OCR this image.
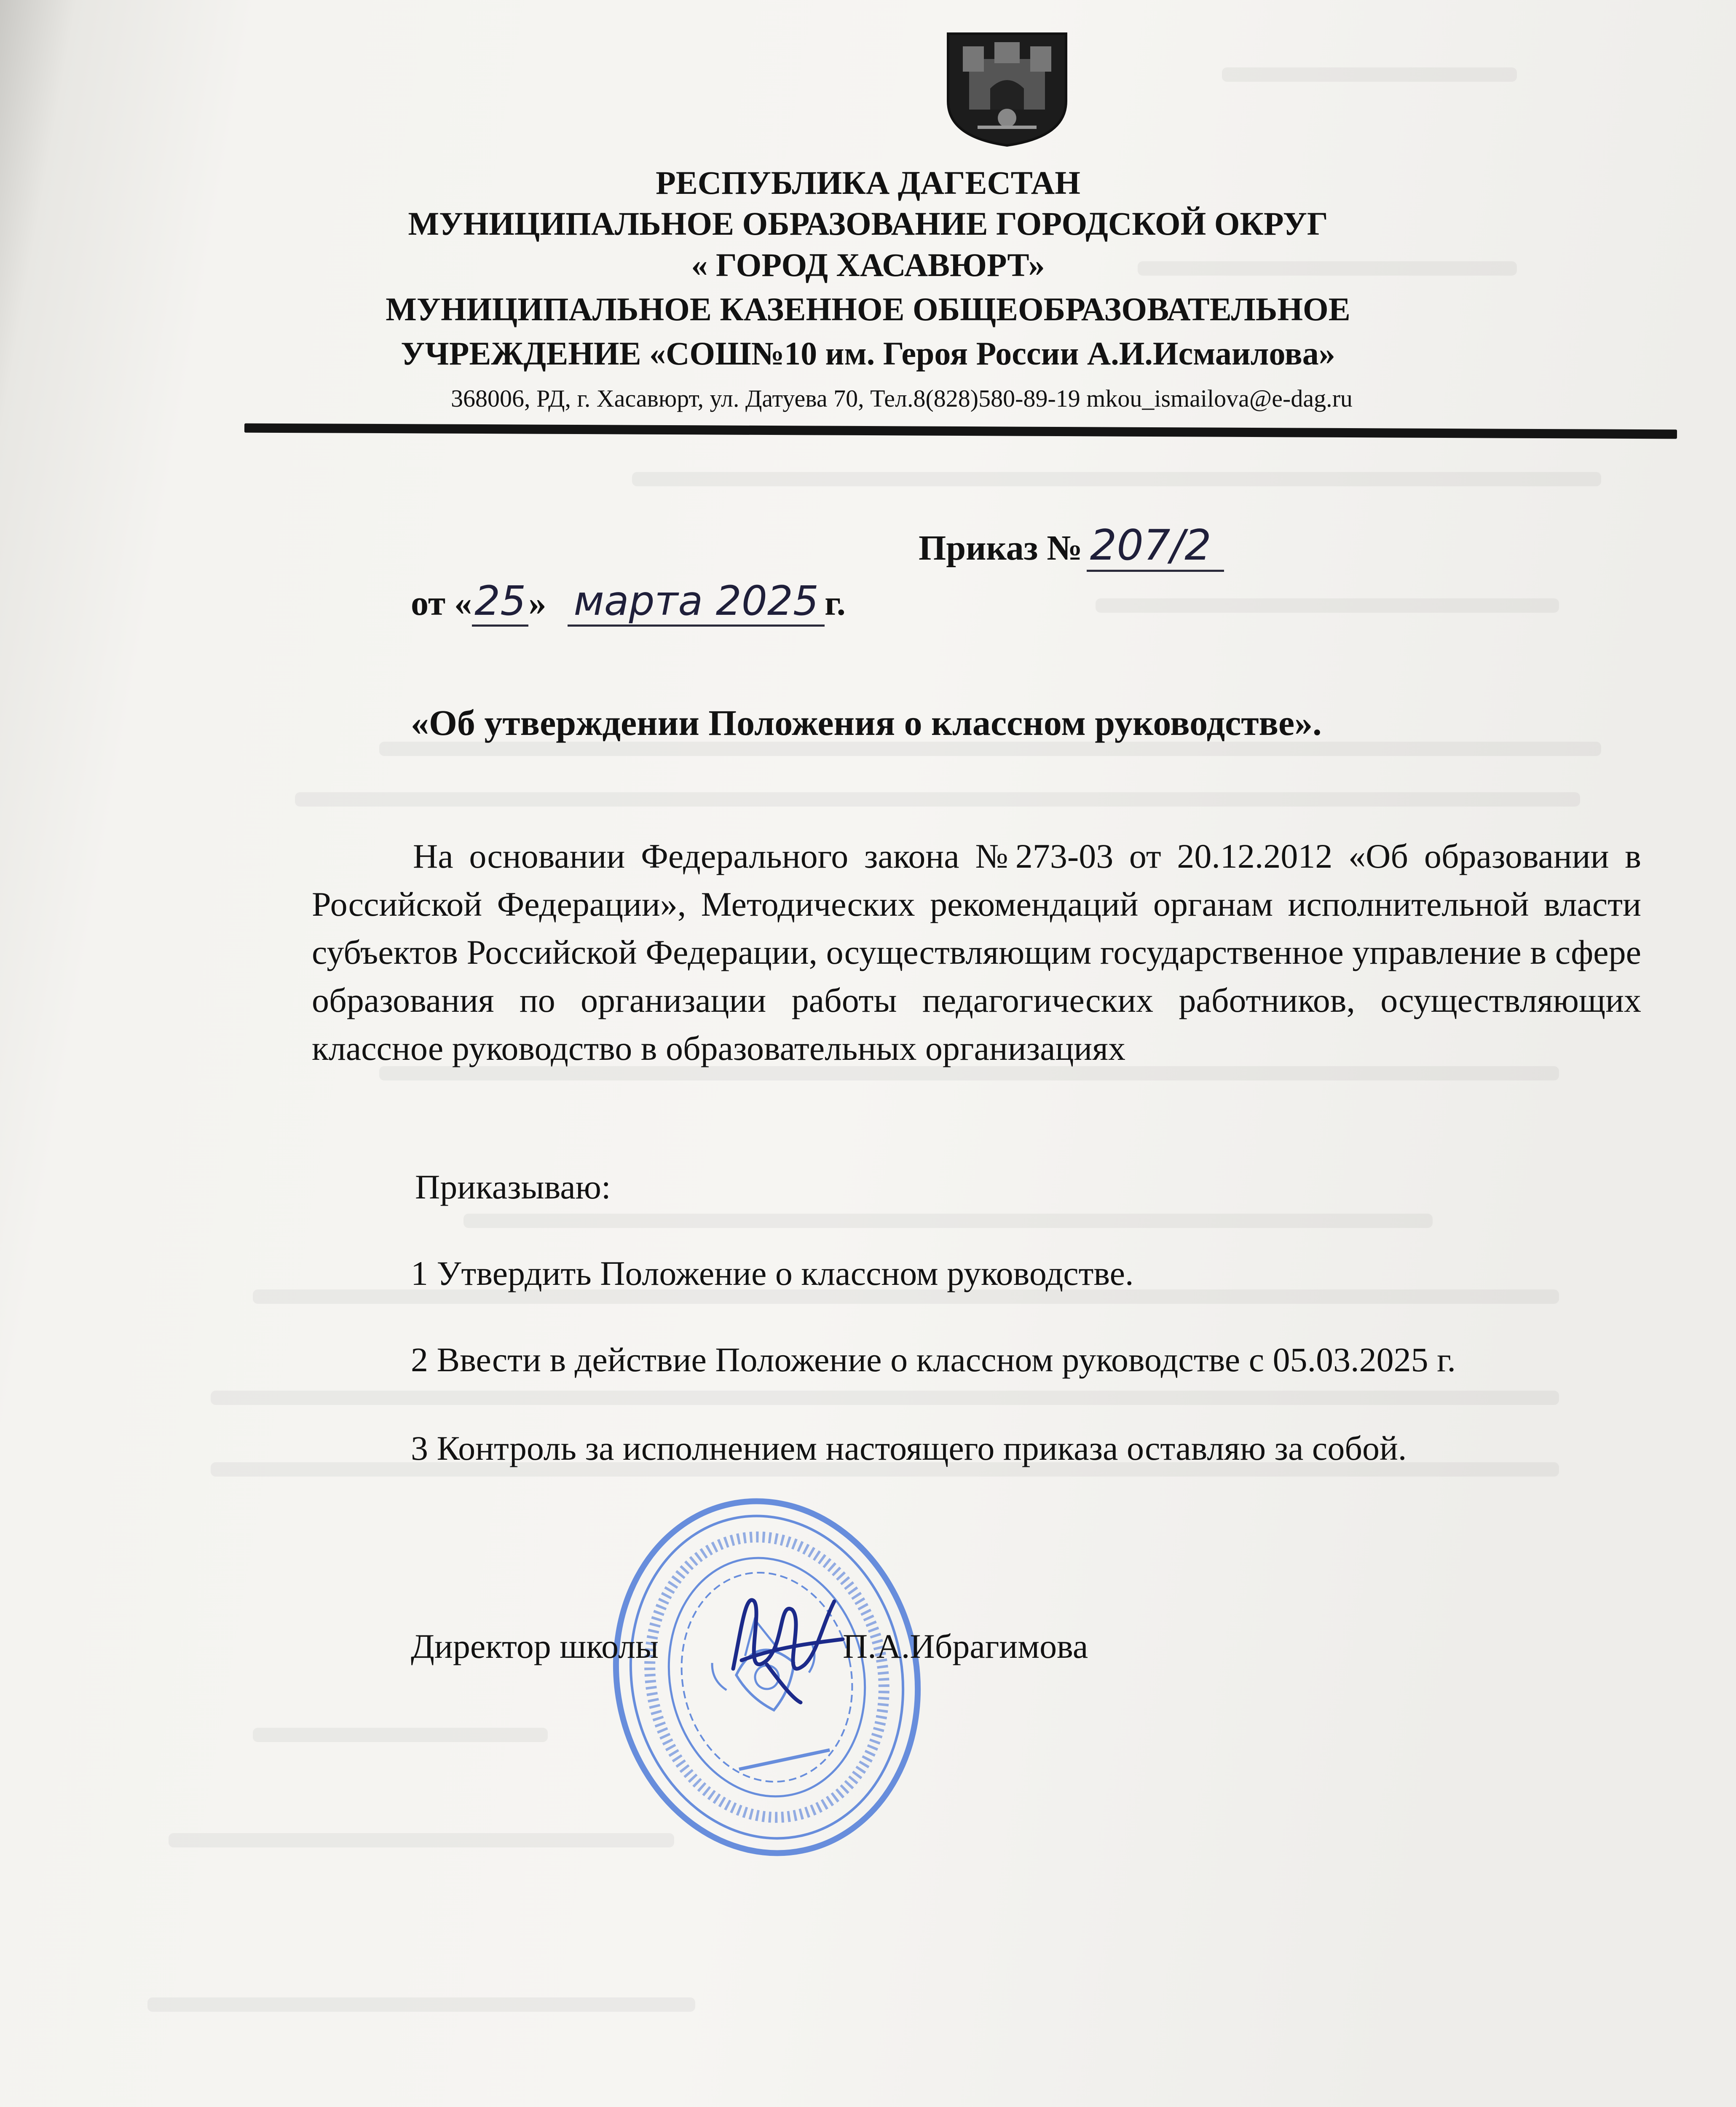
РЕСПУБЛИКА ДАГЕСТАН
МУНИЦИПАЛЬНОЕ ОБРАЗОВАНИЕ ГОРОДСКОЙ ОКРУГ
« ГОРОД ХАСАВЮРТ»
МУНИЦИПАЛЬНОЕ КАЗЕННОЕ ОБЩЕОБРАЗОВАТЕЛЬНОЕ
УЧРЕЖДЕНИЕ «СОШ№10 им. Героя России А.И.Исмаилова»
368006, РД, г. Хасавюрт, ул. Датуева 70, Тел.8(828)580-89-19 mkou_ismailova@e-dag.ru
Приказ № 207/2
от «25» марта 2025 г.
«Об утверждении Положения о классном руководстве».

На основании Федерального закона №273-03 от 20.12.2012 «Об образовании в Российской Федерации», Методических рекомендаций органам исполнительной власти субъектов Российской Федерации, осуществляющим государственное управление в сфере образования по организации работы педагогических работников, осуществляющих классное руководство в образовательных организациях

Приказываю:
1 Утвердить Положение о классном руководстве.
2 Ввести в действие Положение о классном руководстве с 05.03.2025 г.
3 Контроль за исполнением настоящего приказа оставляю за собой.
Директор школы	П.А.Ибрагимова
